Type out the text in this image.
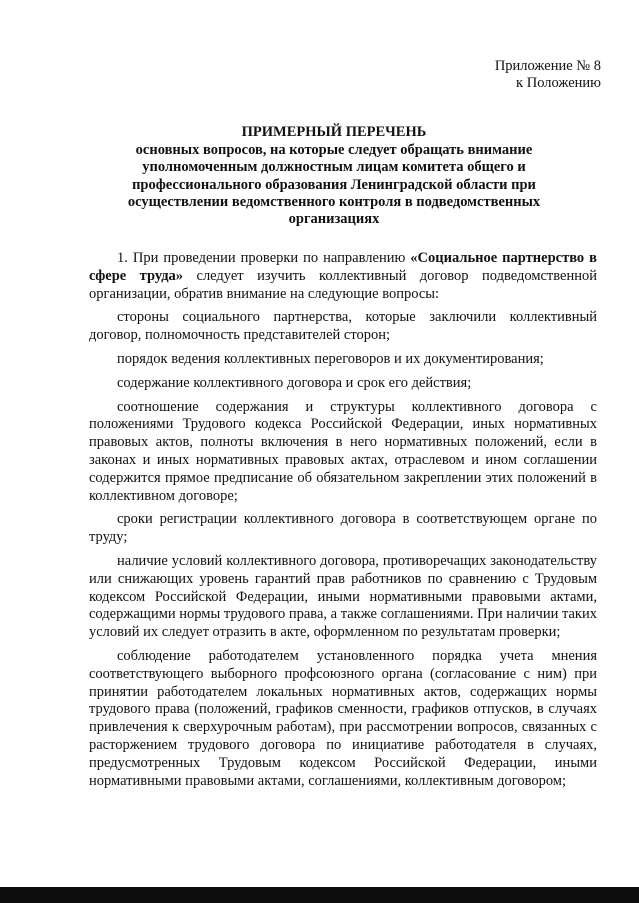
Приложение № 8
к Положению
ПРИМЕРНЫЙ ПЕРЕЧЕНЬ
основных вопросов, на которые следует обращать внимание
уполномоченным должностным лицам комитета общего и
профессионального образования Ленинградской области при
осуществлении ведомственного контроля в подведомственных
организациях

1. При проведении проверки по направлению «Социальное партнерство в сфере труда» следует изучить коллективный договор подведомственной организации, обратив внимание на следующие вопросы:

стороны социального партнерства, которые заключили коллективный договор, полномочность представителей сторон;

порядок ведения коллективных переговоров и их документирования;

содержание коллективного договора и срок его действия;

соотношение содержания и структуры коллективного договора с положениями Трудового кодекса Российской Федерации, иных нормативных правовых актов, полноты включения в него нормативных положений, если в законах и иных нормативных правовых актах, отраслевом и ином соглашении содержится прямое предписание об обязательном закреплении этих положений в коллективном договоре;

сроки регистрации коллективного договора в соответствующем органе по труду;

наличие условий коллективного договора, противоречащих законодательству или снижающих уровень гарантий прав работников по сравнению с Трудовым кодексом Российской Федерации, иными нормативными правовыми актами, содержащими нормы трудового права, а также соглашениями. При наличии таких условий их следует отразить в акте, оформленном по результатам проверки;

соблюдение работодателем установленного порядка учета мнения соответствующего выборного профсоюзного органа (согласование с ним) при принятии работодателем локальных нормативных актов, содержащих нормы трудового права (положений, графиков сменности, графиков отпусков, в случаях привлечения к сверхурочным работам), при рассмотрении вопросов, связанных с расторжением трудового договора по инициативе работодателя в случаях, предусмотренных Трудовым кодексом Российской Федерации, иными нормативными правовыми актами, соглашениями, коллективным договором;
